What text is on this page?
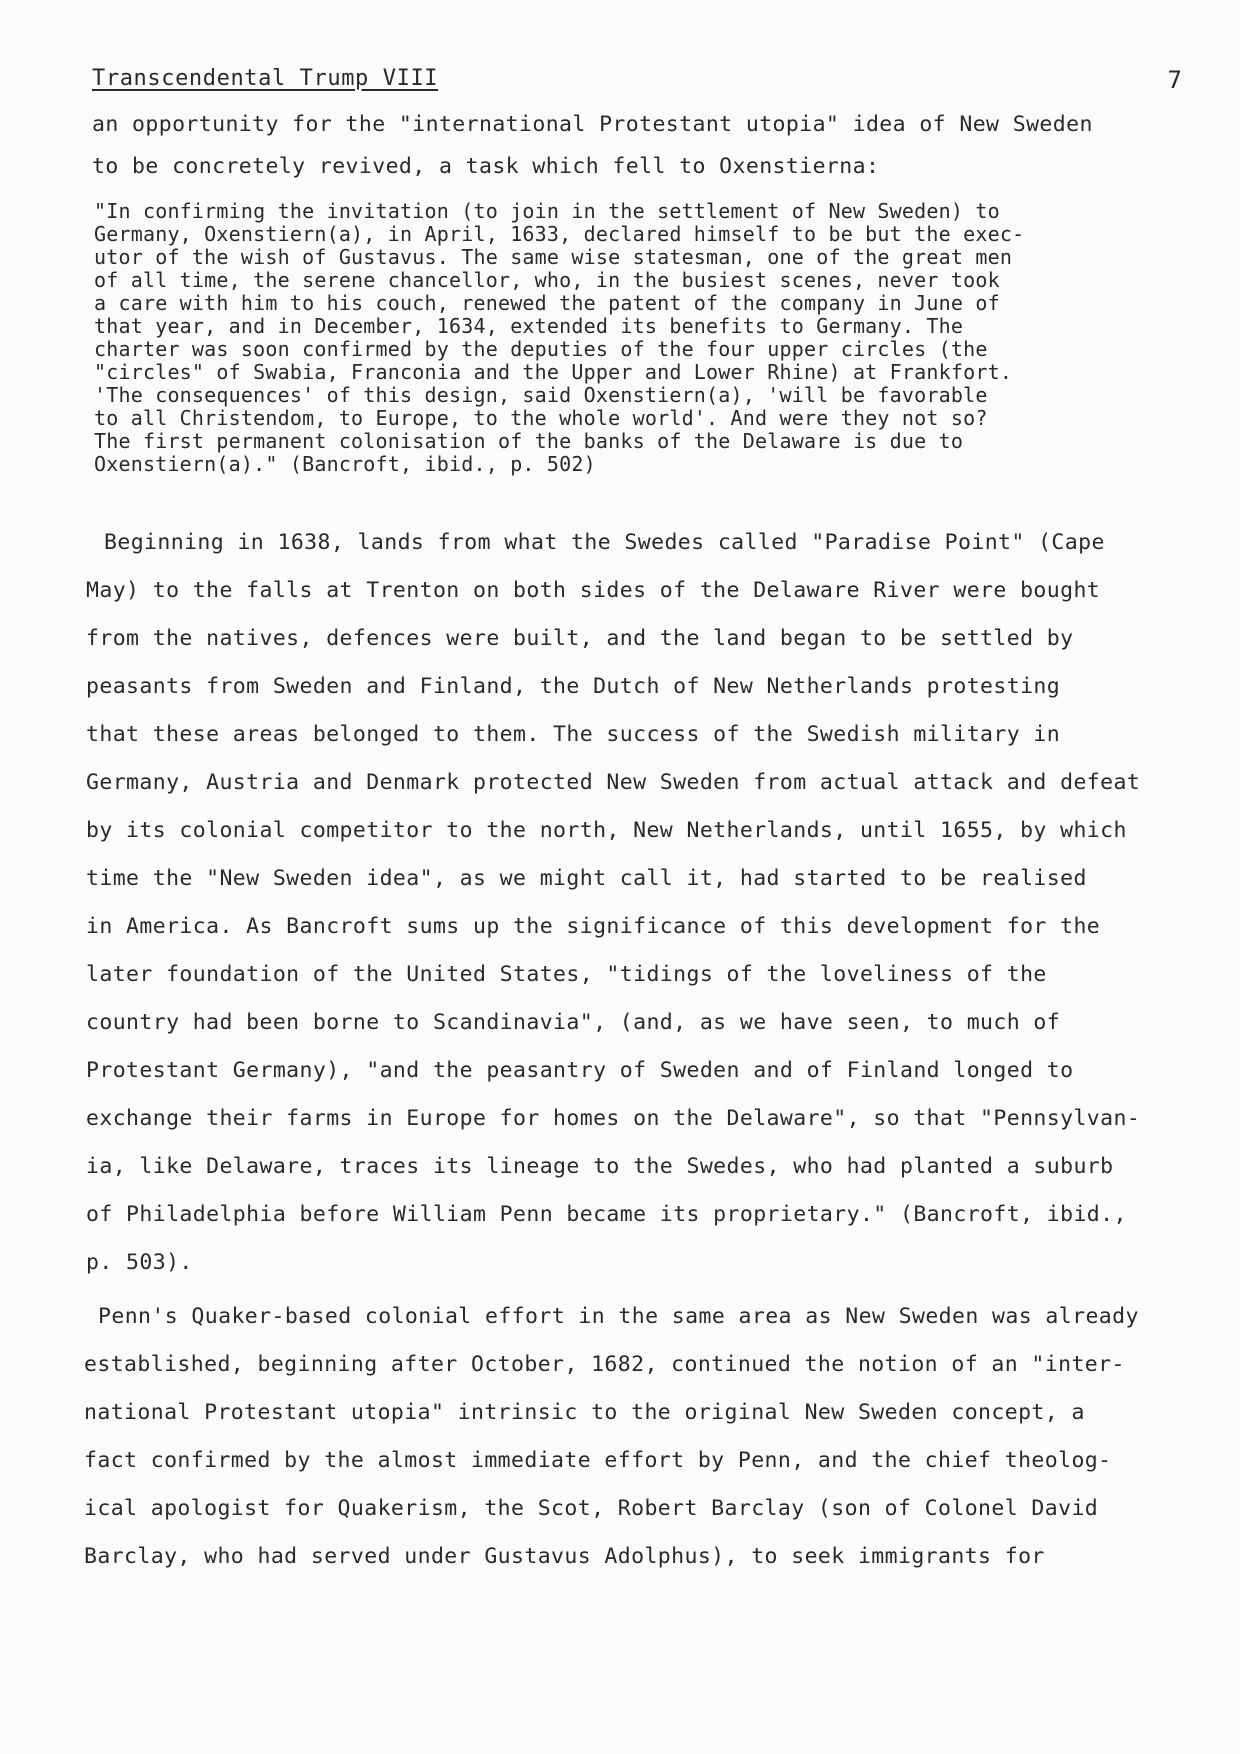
Transcendental Trump VIII	7
an opportunity for the "international Protestant utopia" idea of New Sweden
to be concretely revived, a task which fell to Oxenstierna:
"In confirming the invitation (to join in the settlement of New Sweden) to
Germany, Oxenstiern(a), in April, 1633, declared himself to be but the exec-
utor of the wish of Gustavus. The same wise statesman, one of the great men
of all time, the serene chancellor, who, in the busiest scenes, never took
a care with him to his couch, renewed the patent of the company in June of
that year, and in December, 1634, extended its benefits to Germany. The
charter was soon confirmed by the deputies of the four upper circles (the
"circles" of Swabia, Franconia and the Upper and Lower Rhine) at Frankfort.
'The consequences' of this design, said Oxenstiern(a), 'will be favorable
to all Christendom, to Europe, to the whole world'. And were they not so?
The first permanent colonisation of the banks of the Delaware is due to
Oxenstiern(a)." (Bancroft, ibid., p. 502)
Beginning in 1638, lands from what the Swedes called "Paradise Point" (Cape
May) to the falls at Trenton on both sides of the Delaware River were bought
from the natives, defences were built, and the land began to be settled by
peasants from Sweden and Finland, the Dutch of New Netherlands protesting
that these areas belonged to them. The success of the Swedish military in
Germany, Austria and Denmark protected New Sweden from actual attack and defeat
by its colonial competitor to the north, New Netherlands, until 1655, by which
time the "New Sweden idea", as we might call it, had started to be realised
in America. As Bancroft sums up the significance of this development for the
later foundation of the United States, "tidings of the loveliness of the
country had been borne to Scandinavia", (and, as we have seen, to much of
Protestant Germany), "and the peasantry of Sweden and of Finland longed to
exchange their farms in Europe for homes on the Delaware", so that "Pennsylvan-
ia, like Delaware, traces its lineage to the Swedes, who had planted a suburb
of Philadelphia before William Penn became its proprietary." (Bancroft, ibid.,
p. 503).
Penn's Quaker-based colonial effort in the same area as New Sweden was already
established, beginning after October, 1682, continued the notion of an "inter-
national Protestant utopia" intrinsic to the original New Sweden concept, a
fact confirmed by the almost immediate effort by Penn, and the chief theolog-
ical apologist for Quakerism, the Scot, Robert Barclay (son of Colonel David
Barclay, who had served under Gustavus Adolphus), to seek immigrants for
